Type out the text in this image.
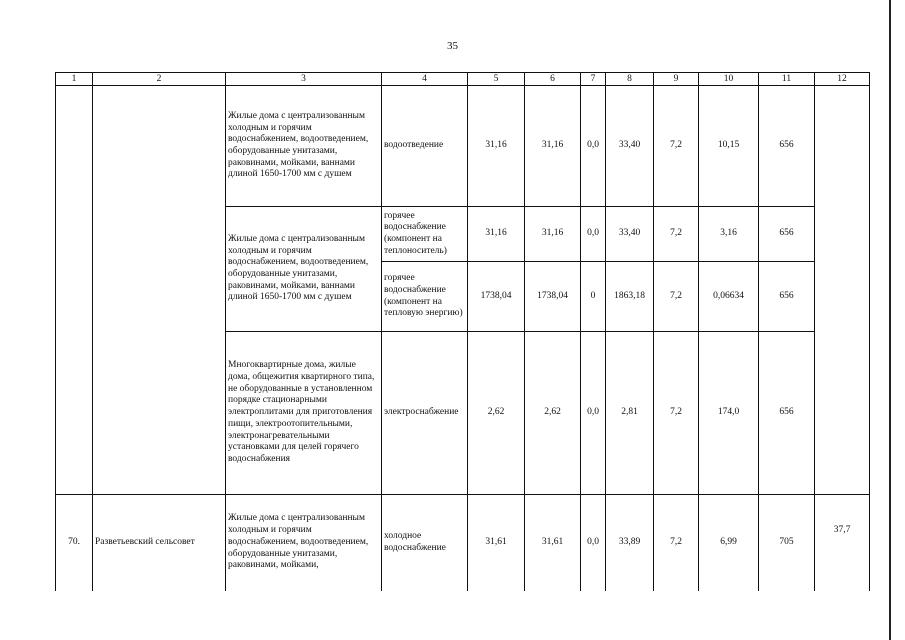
35
1	2	3	4	5	6	7	8	9	10	11	12
		Жилые дома с централизованным холодным и горячим водоснабжением, водоотведением, оборудованные унитазами, раковинами, мойками, ваннами длиной 1650-1700 мм с душем	водоотведение	31,16	31,16	0,0	33,40	7,2	10,15	656	
		Жилые дома с централизованным холодным и горячим водоснабжением, водоотведением, оборудованные унитазами, раковинами, мойками, ваннами длиной 1650-1700 мм с душем	горячее водоснабжение (компонент на теплоноситель)	31,16	31,16	0,0	33,40	7,2	3,16	656	
			горячее водоснабжение (компонент на тепловую энергию)	1738,04	1738,04	0	1863,18	7,2	0,06634	656	
		Многоквартирные дома, жилые дома, общежития квартирного типа, не оборудованные в установленном порядке стационарными электроплитами для приготовления пищи, электроотопительными, электронагревательными установками для целей горячего водоснабжения	электроснабжение	2,62	2,62	0,0	2,81	7,2	174,0	656	
70.	Разветьевский сельсовет	Жилые дома с централизованным холодным и горячим водоснабжением, водоотведением, оборудованные унитазами, раковинами, мойками,	холодное водоснабжение	31,61	31,61	0,0	33,89	7,2	6,99	705	37,7
